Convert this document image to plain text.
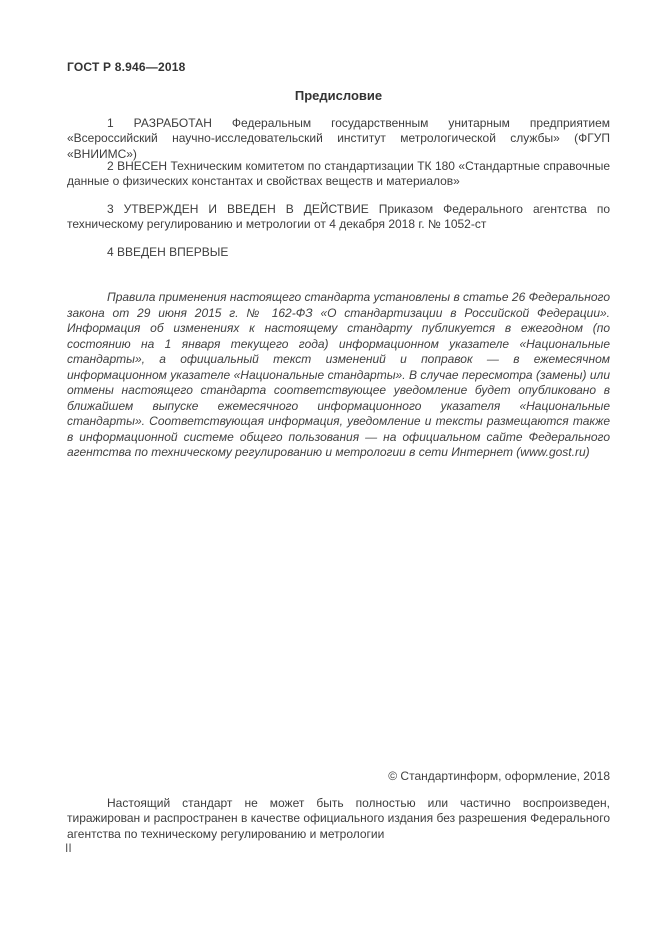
ГОСТ Р 8.946—2018
Предисловие

1 РАЗРАБОТАН Федеральным государственным унитарным предприятием «Всероссийский научно-исследовательский институт метрологической службы» (ФГУП «ВНИИМС»)

2 ВНЕСЕН Техническим комитетом по стандартизации ТК 180 «Стандартные справочные данные о физических константах и свойствах веществ и материалов»

3 УТВЕРЖДЕН И ВВЕДЕН В ДЕЙСТВИЕ Приказом Федерального агентства по техническому регулированию и метрологии от 4 декабря 2018 г. № 1052-ст

4 ВВЕДЕН ВПЕРВЫЕ

Правила применения настоящего стандарта установлены в статье 26 Федерального закона от 29 июня 2015 г. № 162-ФЗ «О стандартизации в Российской Федерации». Информация об изменениях к настоящему стандарту публикуется в ежегодном (по состоянию на 1 января текущего года) информационном указателе «Национальные стандарты», а официальный текст изменений и поправок — в ежемесячном информационном указателе «Национальные стандарты». В случае пересмотра (замены) или отмены настоящего стандарта соответствующее уведомление будет опубликовано в ближайшем выпуске ежемесячного информационного указателя «Национальные стандарты». Соответствующая информация, уведомление и тексты размещаются также в информационной системе общего пользования — на официальном сайте Федерального агентства по техническому регулированию и метрологии в сети Интернет (www.gost.ru)

© Стандартинформ, оформление, 2018

Настоящий стандарт не может быть полностью или частично воспроизведен, тиражирован и распространен в качестве официального издания без разрешения Федерального агентства по техническому регулированию и метрологии

II
